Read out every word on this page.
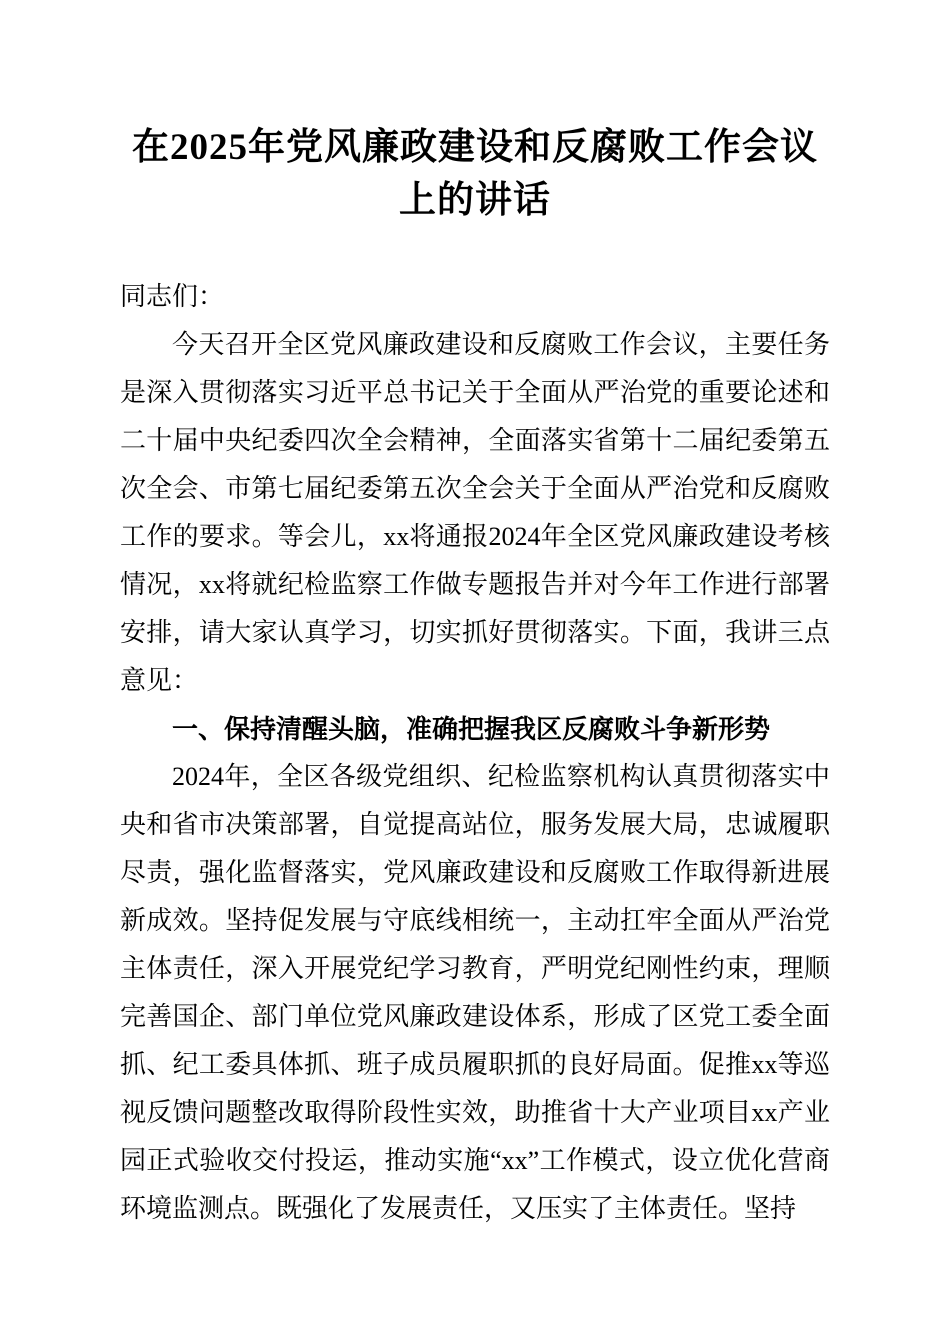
在2025年党风廉政建设和反腐败工作会议上的讲话

同志们：

今天召开全区党风廉政建设和反腐败工作会议，主要任务是深入贯彻落实习近平总书记关于全面从严治党的重要论述和二十届中央纪委四次全会精神，全面落实省第十二届纪委第五次全会、市第七届纪委第五次全会关于全面从严治党和反腐败工作的要求。等会儿，xx将通报2024年全区党风廉政建设考核情况，xx将就纪检监察工作做专题报告并对今年工作进行部署安排，请大家认真学习，切实抓好贯彻落实。下面，我讲三点意见：

一、保持清醒头脑，准确把握我区反腐败斗争新形势

2024年，全区各级党组织、纪检监察机构认真贯彻落实中央和省市决策部署，自觉提高站位，服务发展大局，忠诚履职尽责，强化监督落实，党风廉政建设和反腐败工作取得新进展新成效。坚持促发展与守底线相统一，主动扛牢全面从严治党主体责任，深入开展党纪学习教育，严明党纪刚性约束，理顺完善国企、部门单位党风廉政建设体系，形成了区党工委全面抓、纪工委具体抓、班子成员履职抓的良好局面。促推xx等巡视反馈问题整改取得阶段性实效，助推省十大产业项目xx产业园正式验收交付投运，推动实施“xx”工作模式，设立优化营商环境监测点。既强化了发展责任，又压实了主体责任。坚持
